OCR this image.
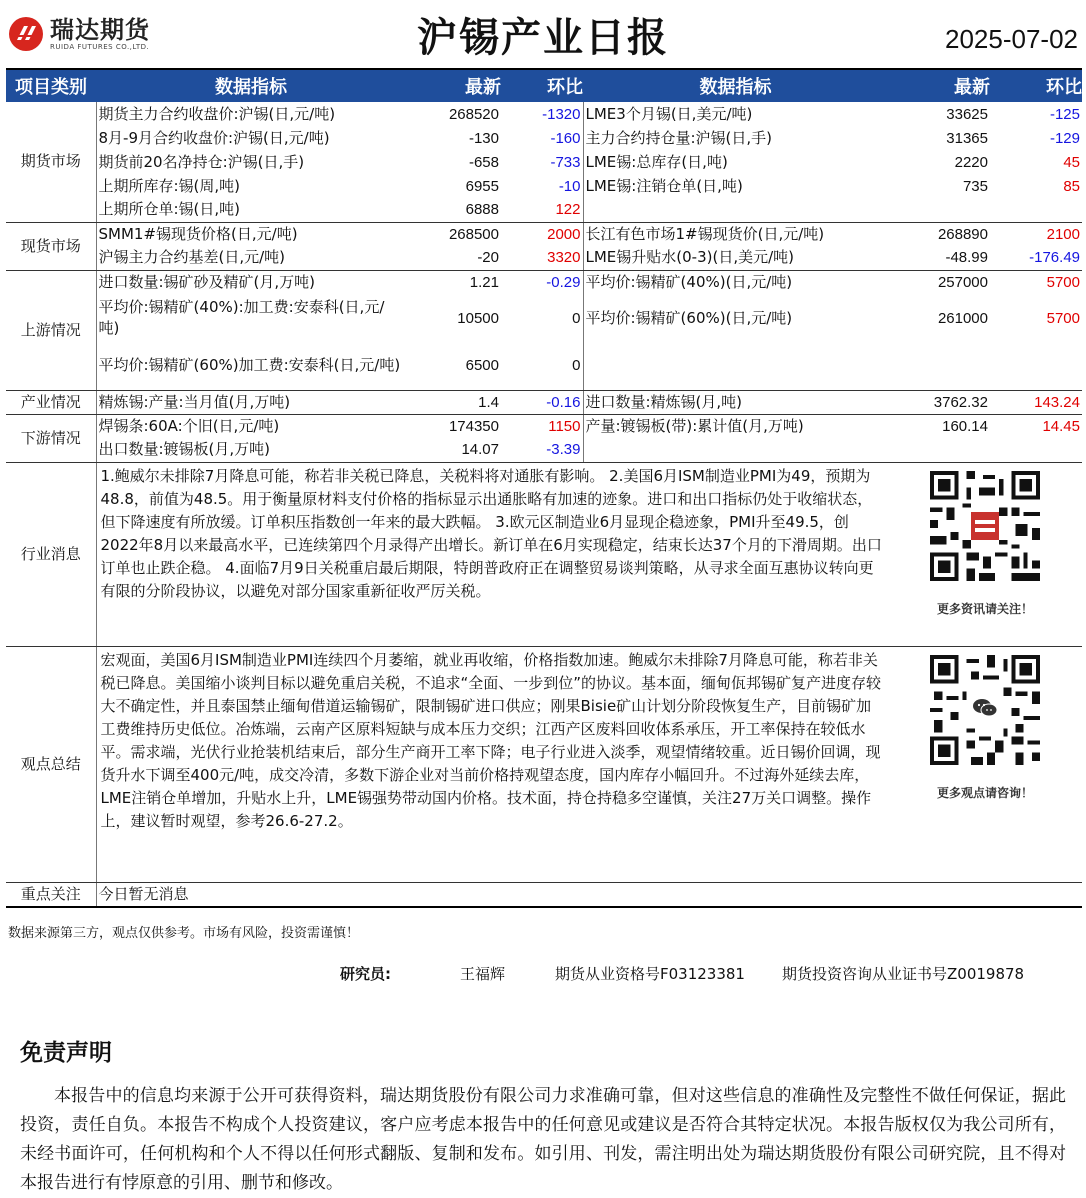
瑞达期货
RUIDA FUTURES CO.,LTD.	沪锡产业日报	2025-07-02
项目类别	数据指标	最新	环比	数据指标	最新	环比
期货市场	期货主力合约收盘价:沪锡(日,元/吨)	268520	-1320	LME3个月锡(日,美元/吨)	33625	-125
	8月-9月合约收盘价:沪锡(日,元/吨)	-130	-160	主力合约持仓量:沪锡(日,手)	31365	-129
	期货前20名净持仓:沪锡(日,手)	-658	-733	LME锡:总库存(日,吨)	2220	45
	上期所库存:锡(周,吨)	6955	-10	LME锡:注销仓单(日,吨)	735	85
	上期所仓单:锡(日,吨)	6888	122			
现货市场	SMM1#锡现货价格(日,元/吨)	268500	2000	长江有色市场1#锡现货价(日,元/吨)	268890	2100
	沪锡主力合约基差(日,元/吨)	-20	3320	LME锡升贴水(0-3)(日,美元/吨)	-48.99	-176.49
上游情况	进口数量:锡矿砂及精矿(月,万吨)	1.21	-0.29	平均价:锡精矿(40%)(日,元/吨)	257000	5700
	平均价:锡精矿(40%):加工费:安泰科(日,元/吨)	10500	0	平均价:锡精矿(60%)(日,元/吨)	261000	5700
	平均价:锡精矿(60%)加工费:安泰科(日,元/吨)	6500	0			
产业情况	精炼锡:产量:当月值(月,万吨)	1.4	-0.16	进口数量:精炼锡(月,吨)	3762.32	143.24
下游情况	焊锡条:60A:个旧(日,元/吨)	174350	1150	产量:镀锡板(带):累计值(月,万吨)	160.14	14.45
	出口数量:镀锡板(月,万吨)	14.07	-3.39			
行业消息	1.鲍威尔未排除7月降息可能，称若非关税已降息，关税料将对通胀有影响。 2.美国6月ISM制造业PMI为49，预期为48.8，前值为48.5。用于衡量原材料支付价格的指标显示出通胀略有加速的迹象。进口和出口指标仍处于收缩状态，但下降速度有所放缓。订单积压指数创一年来的最大跌幅。 3.欧元区制造业6月显现企稳迹象，PMI升至49.5，创2022年8月以来最高水平，已连续第四个月录得产出增长。新订单在6月实现稳定，结束长达37个月的下滑周期。出口订单也止跌企稳。 4.面临7月9日关税重启最后期限，特朗普政府正在调整贸易谈判策略，从寻求全面互惠协议转向更有限的分阶段协议，以避免对部分国家重新征收严厉关税。				更多资讯请关注！	

观点总结	宏观面，美国6月ISM制造业PMI连续四个月萎缩，就业再收缩，价格指数加速。鲍威尔未排除7月降息可能，称若非关税已降息。美国缩小谈判目标以避免重启关税，不追求“全面、一步到位”的协议。基本面，缅甸佤邦锡矿复产进度存较大不确定性，并且泰国禁止缅甸借道运输锡矿，限制锡矿进口供应；刚果Bisie矿山计划分阶段恢复生产，目前锡矿加工费维持历史低位。冶炼端，云南产区原料短缺与成本压力交织；江西产区废料回收体系承压，开工率保持在较低水平。需求端，光伏行业抢装机结束后，部分生产商开工率下降；电子行业进入淡季，观望情绪较重。近日锡价回调，现货升水下调至400元/吨，成交冷清，多数下游企业对当前价格持观望态度，国内库存小幅回升。不过海外延续去库，LME注销仓单增加，升贴水上升，LME锡强势带动国内价格。技术面，持仓持稳多空谨慎，关注27万关口调整。操作上，建议暂时观望，参考26.6-27.2。				更多观点请咨询！	

重点关注	今日暂无消息					
数据来源第三方，观点仅供参考。市场有风险，投资需谨慎！
研究员:	王福辉	期货从业资格号F03123381 期货投资咨询从业证书号Z0019878
免责声明
本报告中的信息均来源于公开可获得资料，瑞达期货股份有限公司力求准确可靠，但对这些信息的准确性及完整性不做任何保证，据此投资，责任自负。本报告不构成个人投资建议，客户应考虑本报告中的任何意见或建议是否符合其特定状况。本报告版权仅为我公司所有，未经书面许可，任何机构和个人不得以任何形式翻版、复制和发布。如引用、刊发，需注明出处为瑞达期货股份有限公司研究院，且不得对本报告进行有悖原意的引用、删节和修改。
